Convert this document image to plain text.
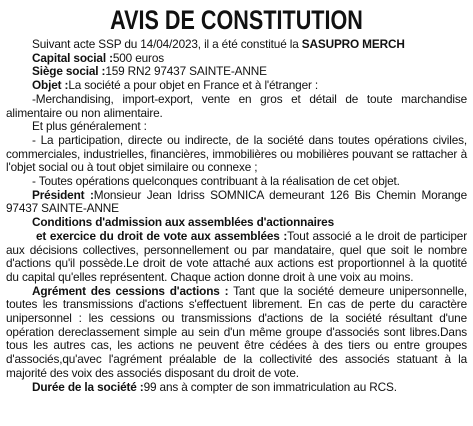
AVIS DE CONSTITUTION

Suivant acte SSP du 14/04/2023, il a été constitué la SASUPRO MERCH

Capital social :500 euros

Siège social :159 RN2 97437 SAINTE-ANNE

Objet :La société a pour objet en France et à l'étranger :

-Merchandising, import-export, vente en gros et détail de toute marchandise alimentaire ou non alimentaire.

Et plus généralement :

- La participation, directe ou indirecte, de la société dans toutes opérations civiles, commerciales, industrielles, financières, immobilières ou mobilières pouvant se rattacher à l'objet social ou à tout objet similaire ou connexe ;

- Toutes opérations quelconques contribuant à la réalisation de cet objet.

Président :Monsieur Jean Idriss SOMNICA demeurant 126 Bis Chemin Morange 97437 SAINTE-ANNE

Conditions d'admission aux assemblées d'actionnaires

et exercice du droit de vote aux assemblées :Tout associé a le droit de participer aux décisions collectives, personnellement ou par mandataire, quel que soit le nombre d'actions qu'il possède.Le droit de vote attaché aux actions est proportionnel à la quotité du capital qu'elles représentent. Chaque action donne droit à une voix au moins.

Agrément des cessions d'actions : Tant que la société demeure unipersonnelle, toutes les transmissions d'actions s'effectuent librement. En cas de perte du caractère unipersonnel : les cessions ou transmissions d'actions de la société résultant d'une opération dereclassement simple au sein d'un même groupe d'associés sont libres.Dans tous les autres cas, les actions ne peuvent être cédées à des tiers ou entre groupes d'associés,qu'avec l'agrément préalable de la collectivité des associés statuant à la majorité des voix des associés disposant du droit de vote.

Durée de la société :99 ans à compter de son immatriculation au RCS.
